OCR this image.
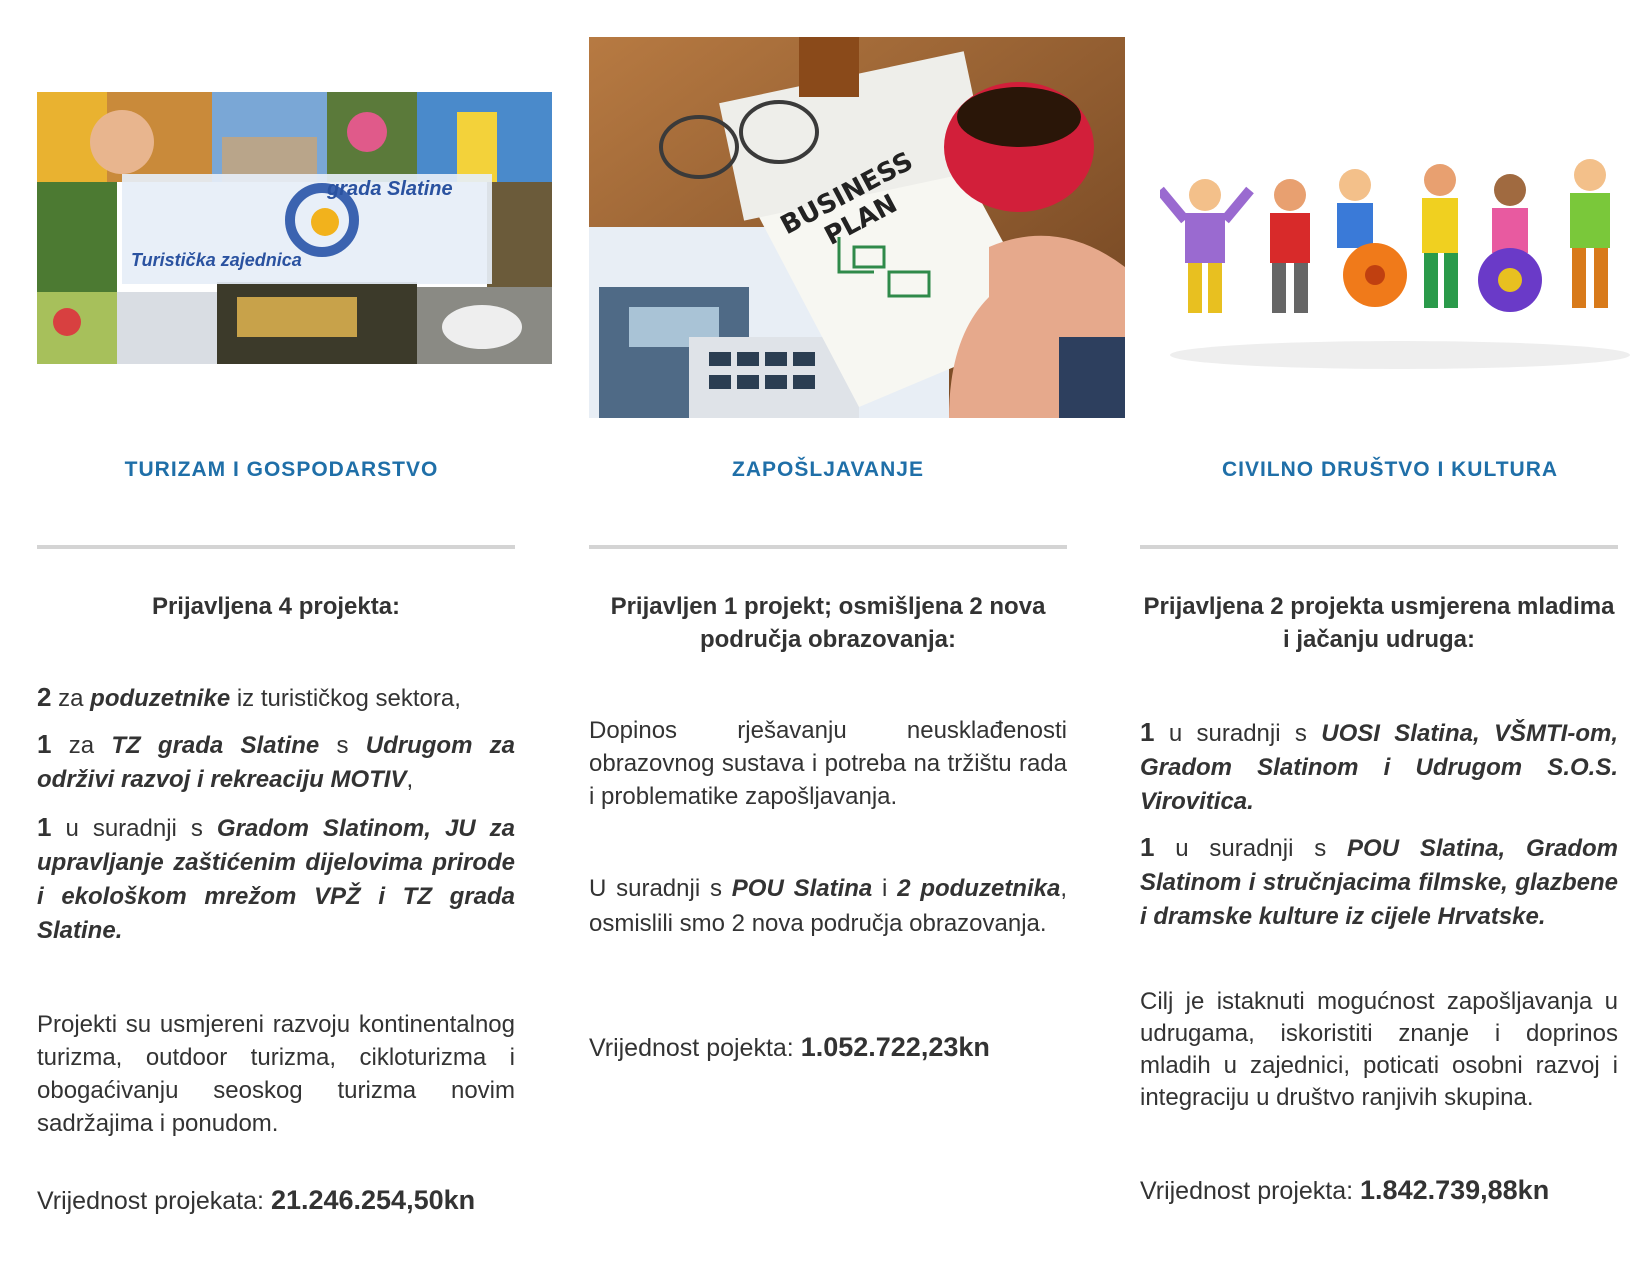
grada Slatine
Turistička zajednica
TURIZAM I GOSPODARSTVO
Prijavljena 4 projekta:

2 za poduzetnike iz turističkog sektora,

1 za TZ grada Slatine s Udrugom za održivi razvoj i rekreaciju MOTIV,

1 u suradnji s Gradom Slatinom, JU za upravljanje zaštićenim dijelovima prirode i ekološkom mrežom VPŽ i TZ grada Slatine.

Projekti su usmjereni razvoju kontinentalnog turizma, outdoor turizma, cikloturizma i obogaćivanju seoskog turizma novim sadržajima i ponudom.
Vrijednost projekata: 21.246.254,50kn
BUSINESS PLAN
ZAPOŠLJAVANJE
Prijavljen 1 projekt; osmišljena 2 nova područja obrazovanja:
Dopinos rješavanju neusklađenosti obrazovnog sustava i potreba na tržištu rada i problematike zapošljavanja.

U suradnji s POU Slatina i 2 poduzetnika, osmislili smo 2 nova područja obrazovanja.

Vrijednost pojekta: 1.052.722,23kn
CIVILNO DRUŠTVO I KULTURA
Prijavljena 2 projekta usmjerena mladima i jačanju udruga:

1 u suradnji s UOSI Slatina, VŠMTI-om, Gradom Slatinom i Udrugom S.O.S. Virovitica.

1 u suradnji s POU Slatina, Gradom Slatinom i stručnjacima filmske, glazbene i dramske kulture iz cijele Hrvatske.

Cilj je istaknuti mogućnost zapošljavanja u udrugama, iskoristiti znanje i doprinos mladih u zajednici, poticati osobni razvoj i integraciju u društvo ranjivih skupina.
Vrijednost projekta: 1.842.739,88kn
